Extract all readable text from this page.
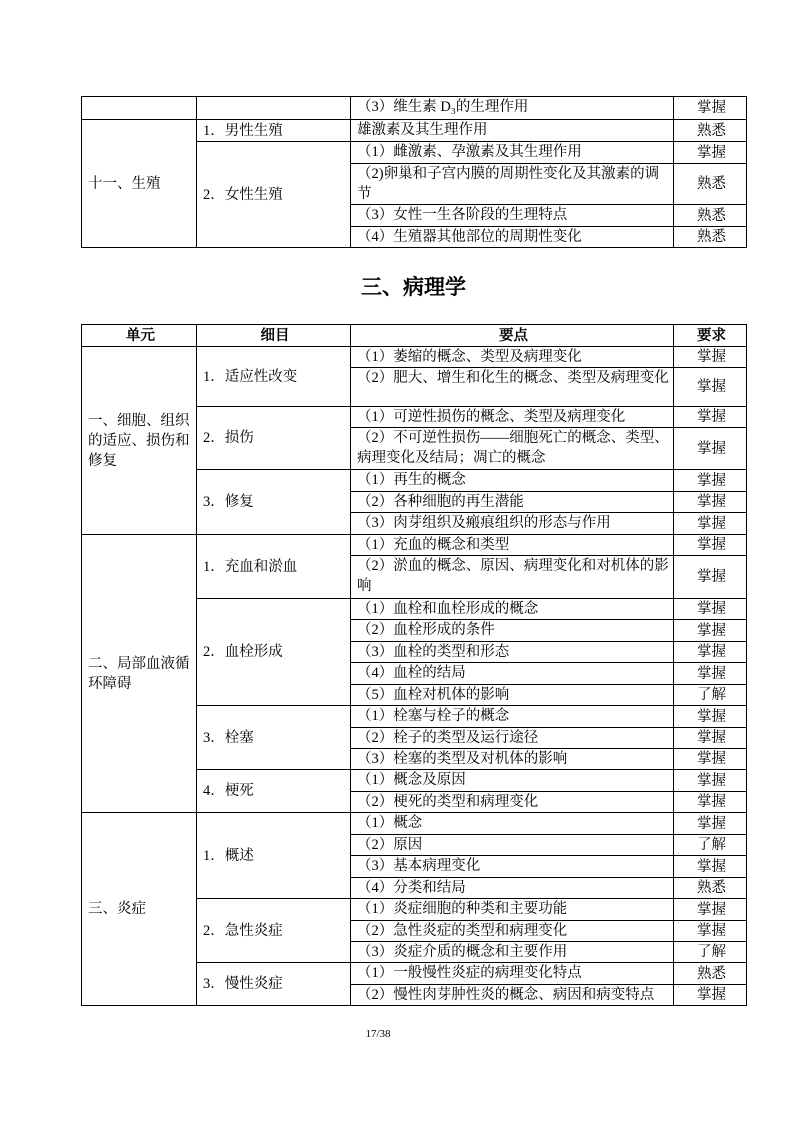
		（3）维生素 D₃的生理作用	掌握
十一、生殖	1．男性生殖	雄激素及其生理作用	熟悉
	2．女性生殖	（1）雌激素、孕激素及其生理作用	掌握
		（2)卵巢和子宫内膜的周期性变化及其激素的调节	熟悉
		（3）女性一生各阶段的生理特点	熟悉
		（4）生殖器其他部位的周期性变化	熟悉
三、病理学
单元	细目	要点	要求
一、细胞、组织的适应、损伤和修复	1．适应性改变	（1）萎缩的概念、类型及病理变化	掌握
		（2）肥大、增生和化生的概念、类型及病理变化	掌握
	2．损伤	（1）可逆性损伤的概念、类型及病理变化	掌握
		（2）不可逆性损伤——细胞死亡的概念、类型、病理变化及结局；凋亡的概念	掌握
	3．修复	（1）再生的概念	掌握
		（2）各种细胞的再生潜能	掌握
		（3）肉芽组织及瘢痕组织的形态与作用	掌握
二、局部血液循环障碍	1．充血和淤血	（1）充血的概念和类型	掌握
		（2）淤血的概念、原因、病理变化和对机体的影响	掌握
	2．血栓形成	（1）血栓和血栓形成的概念	掌握
		（2）血栓形成的条件	掌握
		（3）血栓的类型和形态	掌握
		（4）血栓的结局	掌握
		（5）血栓对机体的影响	了解
	3．栓塞	（1）栓塞与栓子的概念	掌握
		（2）栓子的类型及运行途径	掌握
		（3）栓塞的类型及对机体的影响	掌握
	4．梗死	（1）概念及原因	掌握
		（2）梗死的类型和病理变化	掌握
三、炎症	1．概述	（1）概念	掌握
		（2）原因	了解
		（3）基本病理变化	掌握
		（4）分类和结局	熟悉
	2．急性炎症	（1）炎症细胞的种类和主要功能	掌握
		（2）急性炎症的类型和病理变化	掌握
		（3）炎症介质的概念和主要作用	了解
	3．慢性炎症	（1）一般慢性炎症的病理变化特点	熟悉
		（2）慢性肉芽肿性炎的概念、病因和病变特点	掌握
17/38
